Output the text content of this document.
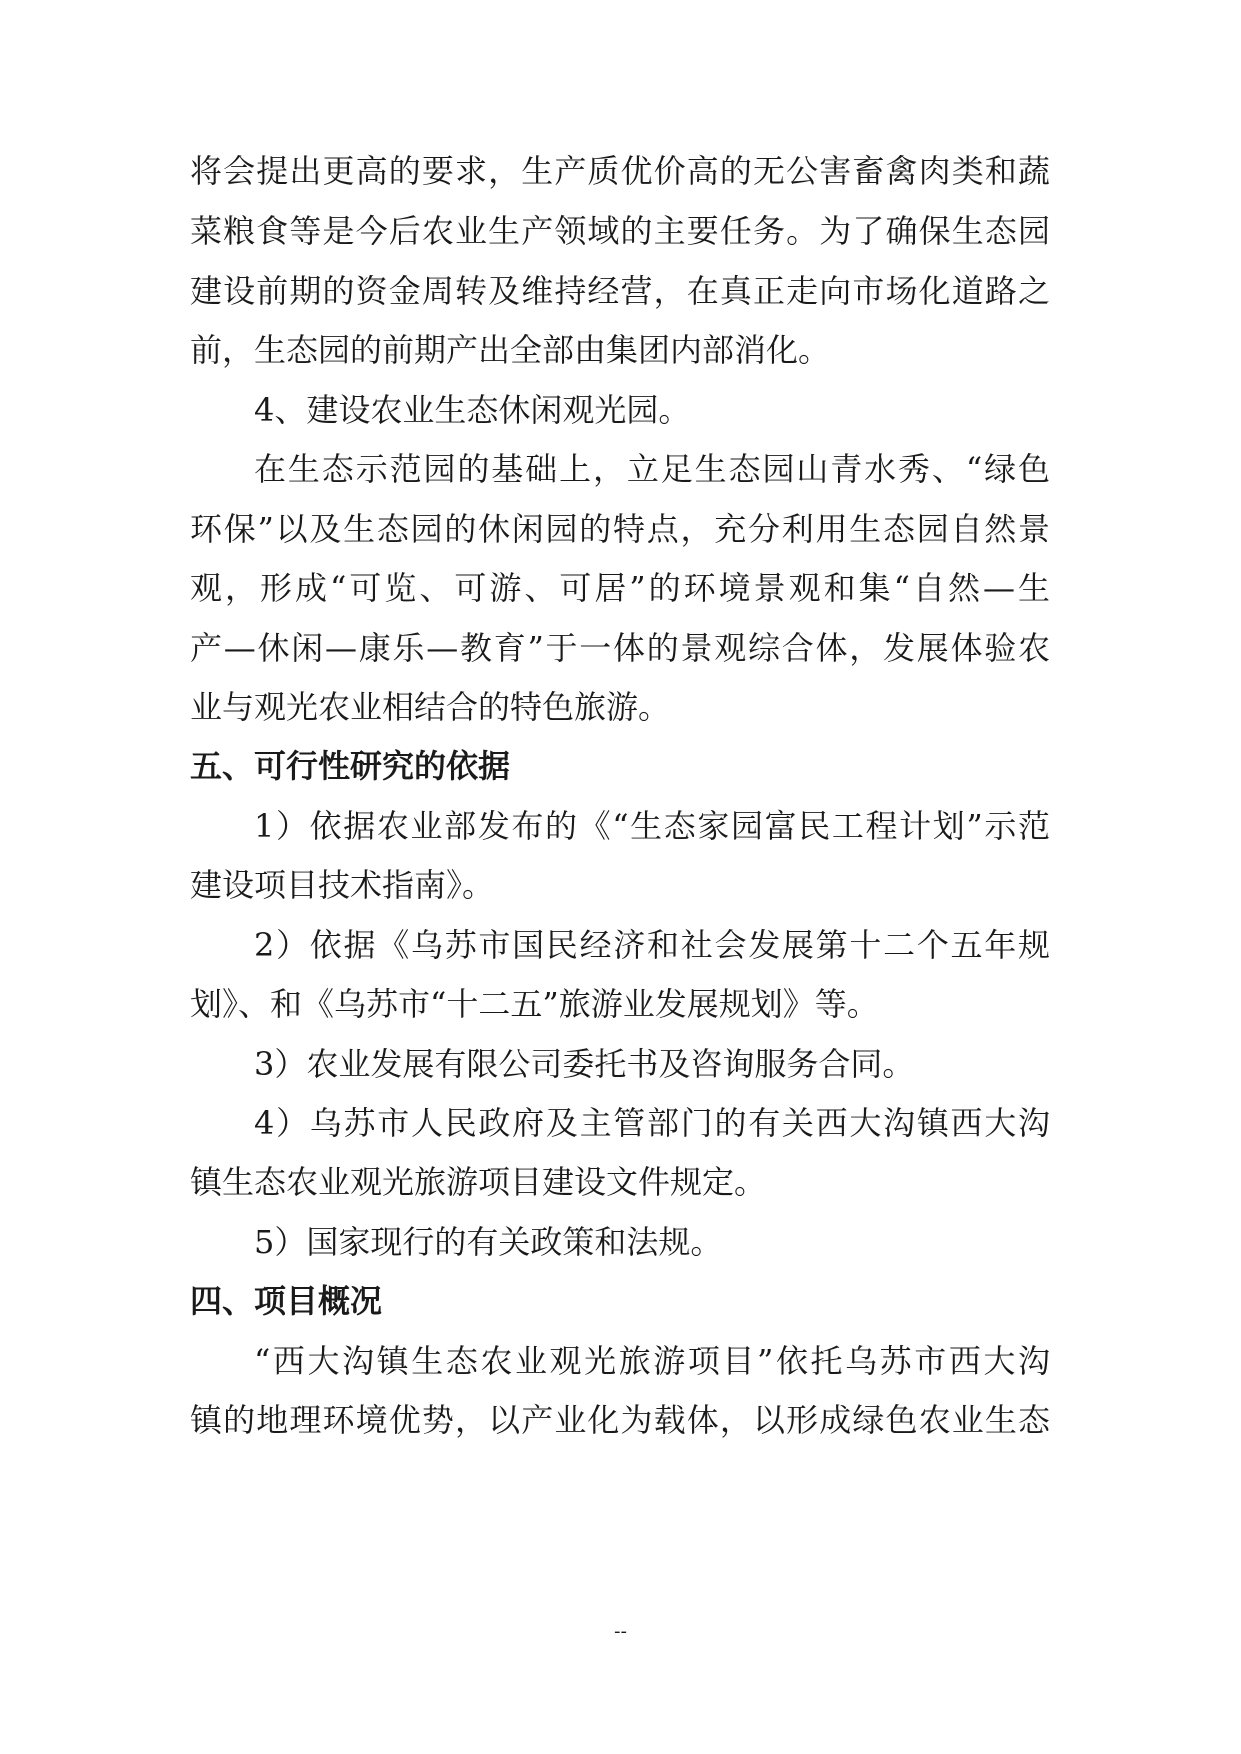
将会提出更高的要求，生产质优价高的无公害畜禽肉类和蔬

菜粮食等是今后农业生产领域的主要任务。为了确保生态园

建设前期的资金周转及维持经营，在真正走向市场化道路之

前，生态园的前期产出全部由集团内部消化。

4、建设农业生态休闲观光园。

在生态示范园的基础上，立足生态园山青水秀、“绿色

环保”以及生态园的休闲园的特点，充分利用生态园自然景

观，形成“可览、可游、可居”的环境景观和集“自然—生

产—休闲—康乐—教育”于一体的景观综合体，发展体验农

业与观光农业相结合的特色旅游。

五、可行性研究的依据

1）依据农业部发布的《“生态家园富民工程计划”示范

建设项目技术指南》。

2）依据《乌苏市国民经济和社会发展第十二个五年规

划》、和《乌苏市“十二五”旅游业发展规划》等。

3）农业发展有限公司委托书及咨询服务合同。

4）乌苏市人民政府及主管部门的有关西大沟镇西大沟

镇生态农业观光旅游项目建设文件规定。

5）国家现行的有关政策和法规。

四、项目概况

“西大沟镇生态农业观光旅游项目”依托乌苏市西大沟

镇的地理环境优势，以产业化为载体，以形成绿色农业生态

--
